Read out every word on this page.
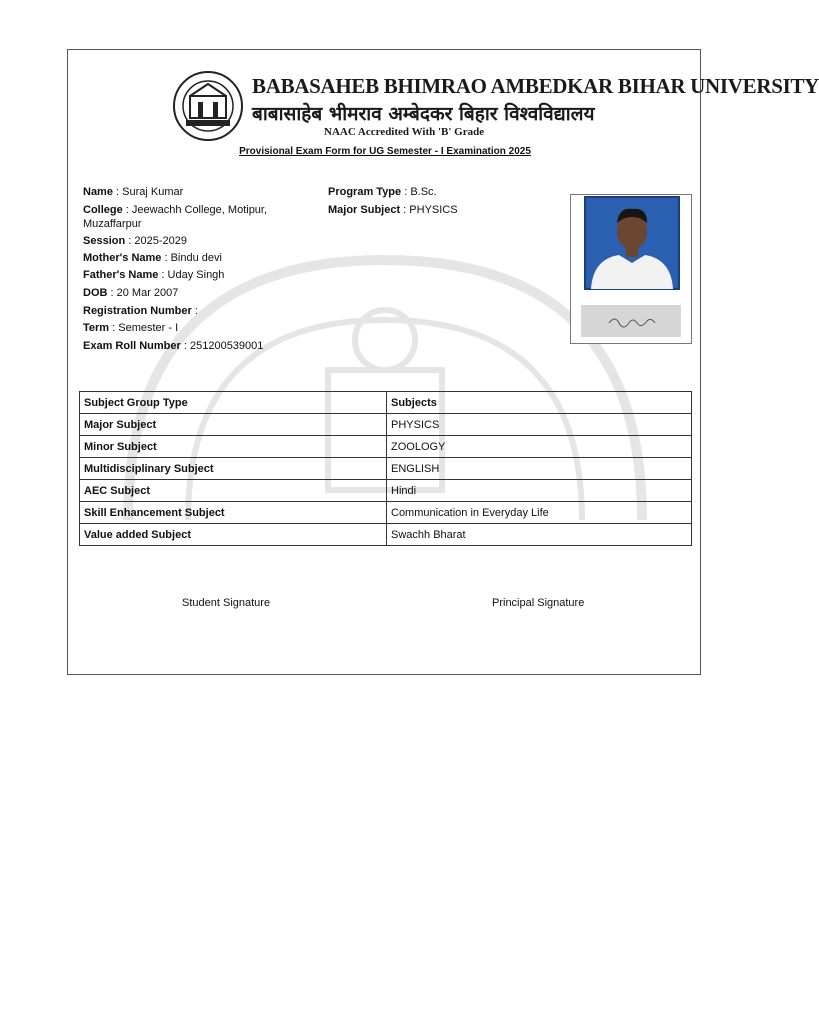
BABASAHEB BHIMRAO AMBEDKAR BIHAR UNIVERSITY
बाबासाहेब भीमराव अम्बेदकर बिहार विश्वविद्यालय
NAAC Accredited With 'B' Grade
Provisional Exam Form for UG Semester - I Examination 2025
Name : Suraj Kumar
College : Jeewachh College, Motipur,
Muzaffarpur
Session : 2025-2029
Mother's Name : Bindu devi
Father's Name : Uday Singh
DOB : 20 Mar 2007
Registration Number :
Term : Semester - I
Exam Roll Number : 251200539001
Program Type : B.Sc.
Major Subject : PHYSICS
Subject Group Type	Subjects
Major Subject	PHYSICS
Minor Subject	ZOOLOGY
Multidisciplinary Subject	ENGLISH
AEC Subject	Hindi
Skill Enhancement Subject	Communication in Everyday Life
Value added Subject	Swachh Bharat
Student Signature	Principal Signature
